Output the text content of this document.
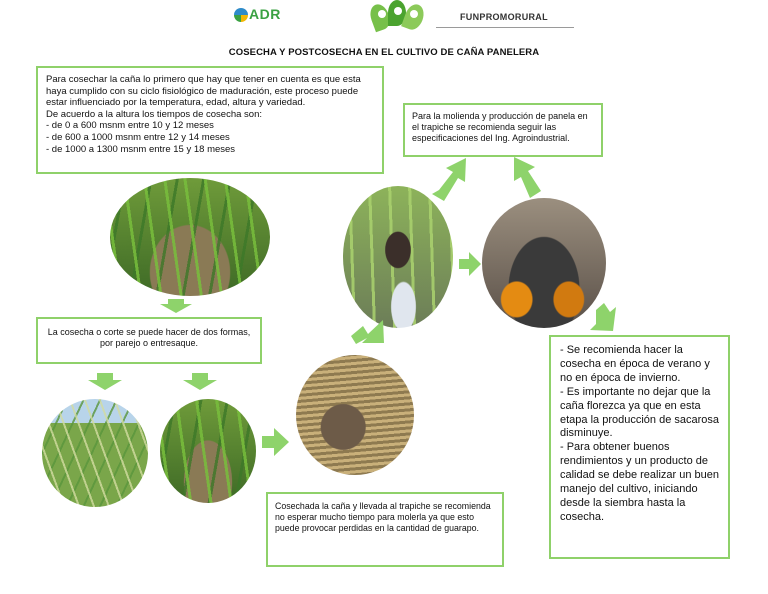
ADR	FUNPROMORURAL
COSECHA Y POSTCOSECHA EN EL CULTIVO DE CAÑA PANELERA

Para cosechar la caña lo primero que hay que tener en cuenta es que esta haya cumplido con su ciclo fisiológico de maduración, este proceso puede estar influenciado por la temperatura, edad, altura y variedad.

De acuerdo a la altura los tiempos de cosecha son:

- de 0 a 600 msnm entre 10 y 12 meses

- de 600 a 1000 msnm entre 12 y 14 meses

- de 1000 a 1300 msnm entre 15 y 18 meses

Para la molienda y producción de panela en el trapiche se recomienda seguir las especificaciones del Ing. Agroindustrial.
La cosecha o corte se puede hacer de dos formas, por parejo o entresaque.
Cosechada la caña y llevada al trapiche se recomienda no esperar mucho tiempo para molerla ya que esto puede provocar perdidas en la cantidad de guarapo.

- Se recomienda hacer la cosecha en época de verano y no en época de invierno.

- Es importante no dejar que la caña florezca ya que en esta etapa la producción de sacarosa disminuye.

- Para obtener buenos rendimientos y un producto de calidad se debe realizar un buen manejo del cultivo, iniciando desde la siembra hasta la cosecha.
